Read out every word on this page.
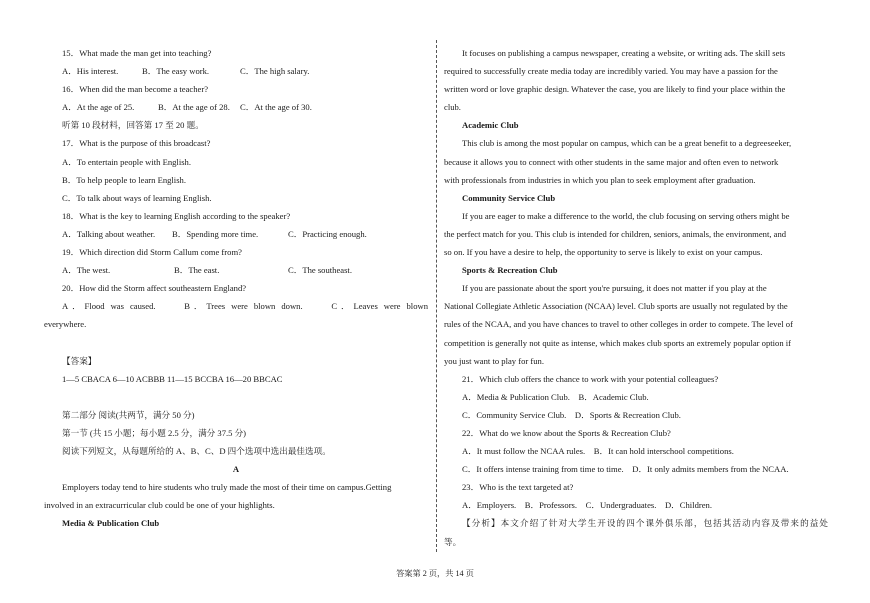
15．What made the man get into teaching?
A．His interest.	B．The easy work.	C．The high salary.
16．When did the man become a teacher?
A．At the age of 25.	B．At the age of 28.	C．At the age of 30.
听第 10 段材料，回答第 17 至 20 题。
17．What is the purpose of this broadcast?
A．To entertain people with English.
B．To help people to learn English.
C．To talk about ways of learning English.
18．What is the key to learning English according to the speaker?
A．Talking about weather.	B．Spending more time.	C．Practicing enough.
19．Which direction did Storm Callum come from?
A．The west.	B．The east.	C．The southeast.
20．How did the Storm affect southeastern England?
A．Flood was caused.　　B．Trees were blown down.　　C．Leaves were blown
everywhere.
【答案】
1—5 CBACA 6—10 ACBBB 11—15 BCCBA 16—20 BBCAC
第二部分 阅读(共两节，满分 50 分)
第一节 (共 15 小题；每小题 2.5 分，满分 37.5 分)
阅读下列短文，从每题所给的 A、B、C、D 四个选项中选出最佳选项。
A
Employers today tend to hire students who truly made the most of their time on campus.Getting
involved in an extracurricular club could be one of your highlights.
Media & Publication Club
It focuses on publishing a campus newspaper, creating a website, or writing ads. The skill sets
required to successfully create media today are incredibly varied. You may have a passion for the
written word or love graphic design. Whatever the case, you are likely to find your place within the
club.
Academic Club
This club is among the most popular on campus, which can be a great benefit to a degreeseeker,
because it allows you to connect with other students in the same major and often even to network
with professionals from industries in which you plan to seek employment after graduation.
Community Service Club
If you are eager to make a difference to the world, the club focusing on serving others might be
the perfect match for you. This club is intended for children, seniors, animals, the environment, and
so on. If you have a desire to help, the opportunity to serve is likely to exist on your campus.
Sports & Recreation Club
If you are passionate about the sport you're pursuing, it does not matter if you play at the
National Collegiate Athletic Association (NCAA) level. Club sports are usually not regulated by the
rules of the NCAA, and you have chances to travel to other colleges in order to compete. The level of
competition is generally not quite as intense, which makes club sports an extremely popular option if
you just want to play for fun.
21．Which club offers the chance to work with your potential colleagues?
A．Media & Publication Club.　B．Academic Club.
C．Community Service Club.　D．Sports & Recreation Club.
22．What do we know about the Sports & Recreation Club?
A．It must follow the NCAA rules.　B．It can hold interschool competitions.
C．It offers intense training from time to time.　D．It only admits members from the NCAA.
23．Who is the text targeted at?
A．Employers.　B．Professors.　C．Undergraduates.　D．Children.
【分析】本文介绍了针对大学生开设的四个课外俱乐部，包括其活动内容及带来的益处
等。
答案第 2 页，共 14 页
